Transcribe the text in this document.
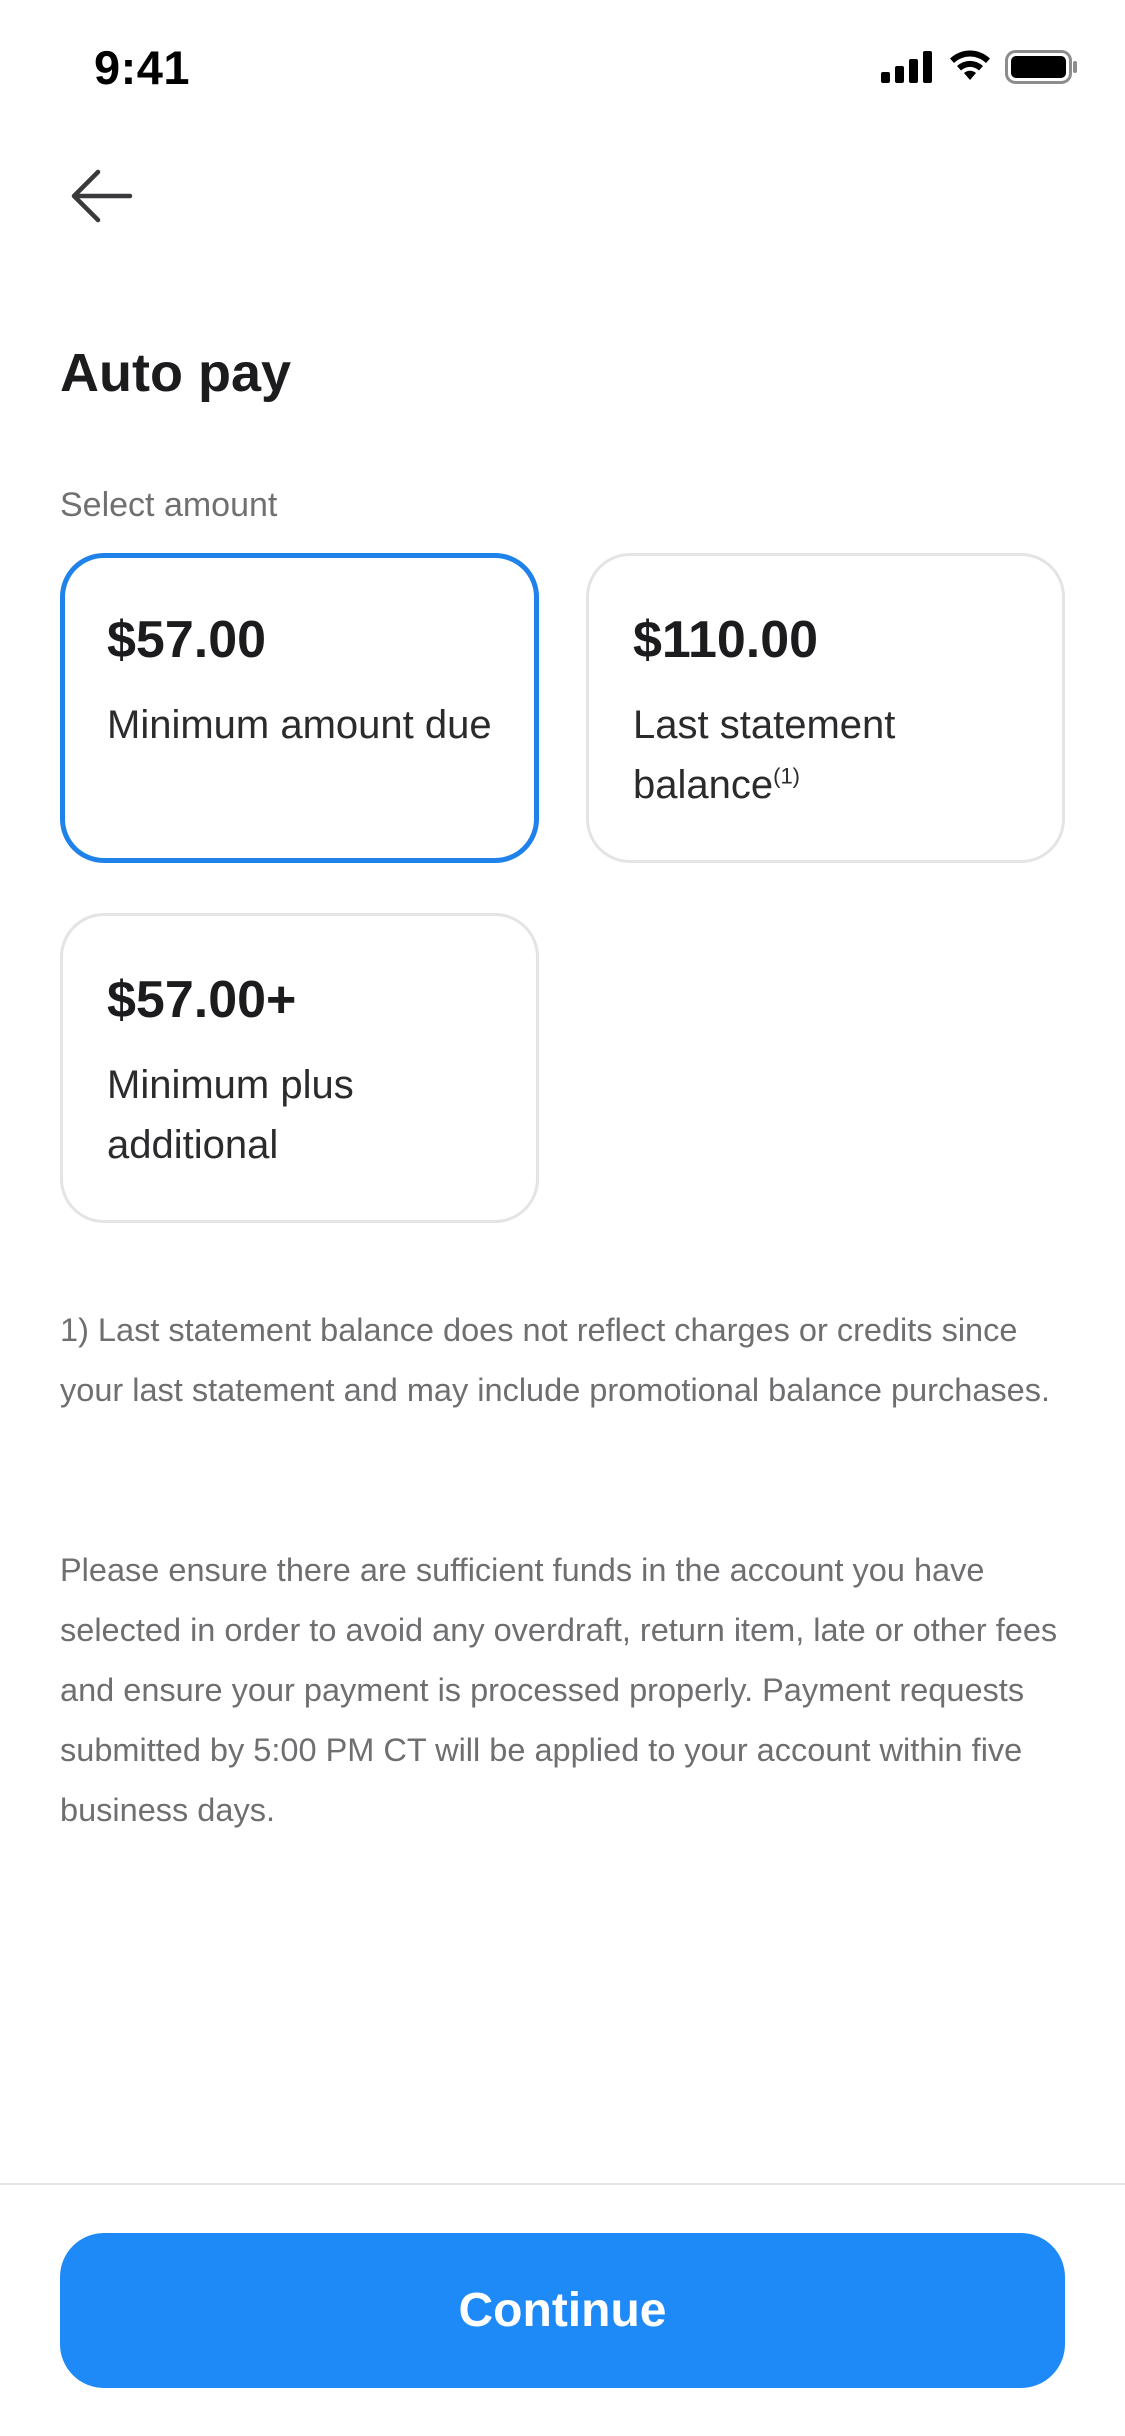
9:41
Auto pay
Select amount
$57.00
Minimum amount due
$110.00
Last statement balance$^{(1)}$
$57.00+
Minimum plus additional

1) Last statement balance does not reflect charges or credits since your last statement and may include promotional balance purchases.

Please ensure there are sufficient funds in the account you have selected in order to avoid any overdraft, return item, late or other fees and ensure your payment is processed properly. Payment requests submitted by 5:00 PM CT will be applied to your account within five business days.

Continue
